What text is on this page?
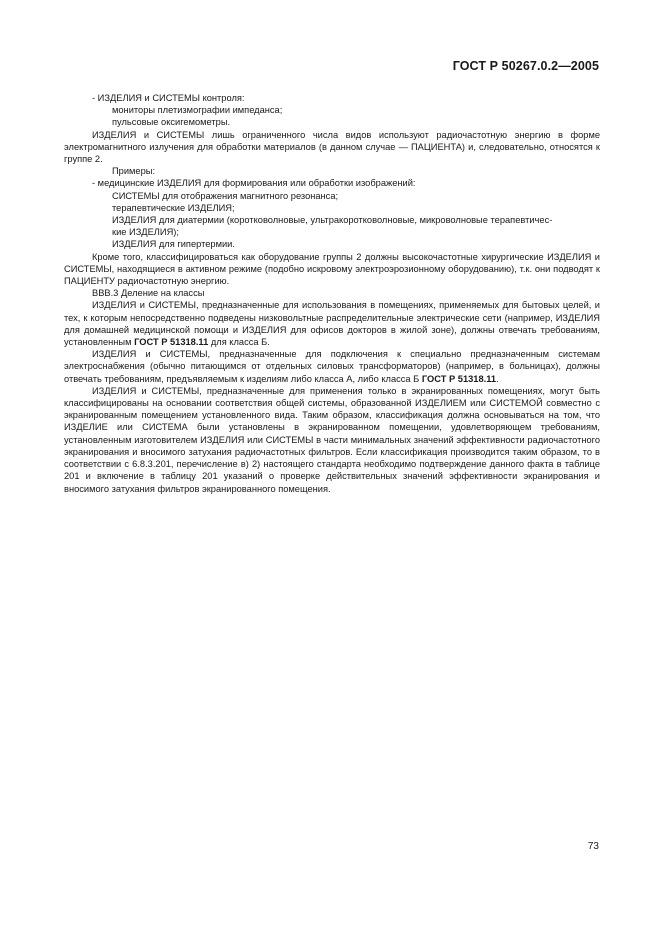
ГОСТ Р 50267.0.2—2005

- ИЗДЕЛИЯ и СИСТЕМЫ контроля:

мониторы плетизмографии импеданса;

пульсовые оксигемометры.

ИЗДЕЛИЯ и СИСТЕМЫ лишь ограниченного числа видов используют радиочастотную энергию в форме электромагнитного излучения для обработки материалов (в данном случае — ПАЦИЕНТА) и, следовательно, относятся к группе 2.

Примеры:

- медицинские ИЗДЕЛИЯ для формирования или обработки изображений:

СИСТЕМЫ для отображения магнитного резонанса;

терапевтические ИЗДЕЛИЯ;

ИЗДЕЛИЯ для диатермии (коротковолновые, ультракоротковолновые, микроволновые терапевтичес-

кие ИЗДЕЛИЯ);

ИЗДЕЛИЯ для гипертермии.

Кроме того, классифицироваться как оборудование группы 2 должны высокочастотные хирургические ИЗДЕЛИЯ и СИСТЕМЫ, находящиеся в активном режиме (подобно искровому электроэрозионному оборудованию), т.к. они подводят к ПАЦИЕНТУ радиочастотную энергию.

ВВВ.3 Деление на классы

ИЗДЕЛИЯ и СИСТЕМЫ, предназначенные для использования в помещениях, применяемых для бытовых целей, и тех, к которым непосредственно подведены низковольтные распределительные электрические сети (например, ИЗДЕЛИЯ для домашней медицинской помощи и ИЗДЕЛИЯ для офисов докторов в жилой зоне), должны отвечать требованиям, установленным ГОСТ Р 51318.11 для класса Б.

ИЗДЕЛИЯ и СИСТЕМЫ, предназначенные для подключения к специально предназначенным системам электроснабжения (обычно питающимся от отдельных силовых трансформаторов) (например, в больницах), должны отвечать требованиям, предъявляемым к изделиям либо класса А, либо класса Б ГОСТ Р 51318.11.

ИЗДЕЛИЯ и СИСТЕМЫ, предназначенные для применения только в экранированных помещениях, могут быть классифицированы на основании соответствия общей системы, образованной ИЗДЕЛИЕМ или СИСТЕМОЙ совместно с экранированным помещением установленного вида. Таким образом, классификация должна основываться на том, что ИЗДЕЛИЕ или СИСТЕМА были установлены в экранированном помещении, удовлетворяющем требованиям, установленным изготовителем ИЗДЕЛИЯ или СИСТЕМЫ в части минимальных значений эффективности радиочастотного экранирования и вносимого затухания радиочастотных фильтров. Если классификация производится таким образом, то в соответствии с 6.8.3.201, перечисление в) 2) настоящего стандарта необходимо подтверждение данного факта в таблице 201 и включение в таблицу 201 указаний о проверке действительных значений эффективности экранирования и вносимого затухания фильтров экранированного помещения.

73
